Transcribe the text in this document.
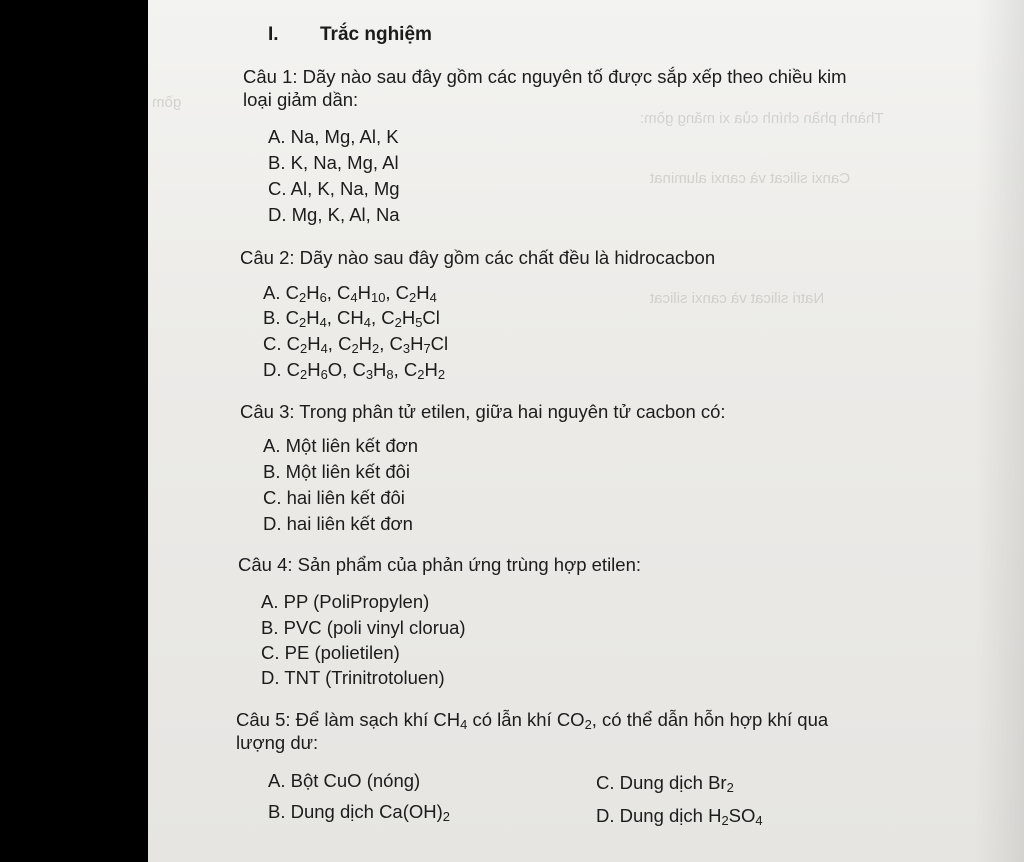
gồm
Thành phần chính của xi măng gồm:
Canxi silicat và canxi aluminat
Natri silicat và canxi silicat
I. Trắc nghiệm
Câu 1: Dãy nào sau đây gồm các nguyên tố được sắp xếp theo chiều kim
loại giảm dần:
A. Na, Mg, Al, K
B. K, Na, Mg, Al
C. Al, K, Na, Mg
D. Mg, K, Al, Na
Câu 2: Dãy nào sau đây gồm các chất đều là hidrocacbon
A. $C_2H_6$, $C_4H_{10}$, $C_2H_4$
B. $C_2H_4$, $CH_4$, $C_2H_5Cl$
C. $C_2H_4$, $C_2H_2$, $C_3H_7Cl$
D. $C_2H_6O$, $C_3H_8$, $C_2H_2$
Câu 3: Trong phân tử etilen, giữa hai nguyên tử cacbon có:
A. Một liên kết đơn
B. Một liên kết đôi
C. hai liên kết đôi
D. hai liên kết đơn
Câu 4: Sản phẩm của phản ứng trùng hợp etilen:
A. PP (PoliPropylen)
B. PVC (poli vinyl clorua)
C. PE (polietilen)
D. TNT (Trinitrotoluen)
Câu 5: Để làm sạch khí $CH_4$ có lẫn khí $CO_2$, có thể dẫn hỗn hợp khí qua
lượng dư:
A. Bột CuO (nóng)
B. Dung dịch $Ca(OH)_2$
C. Dung dịch $Br_2$
D. Dung dịch $H_2SO_4$
